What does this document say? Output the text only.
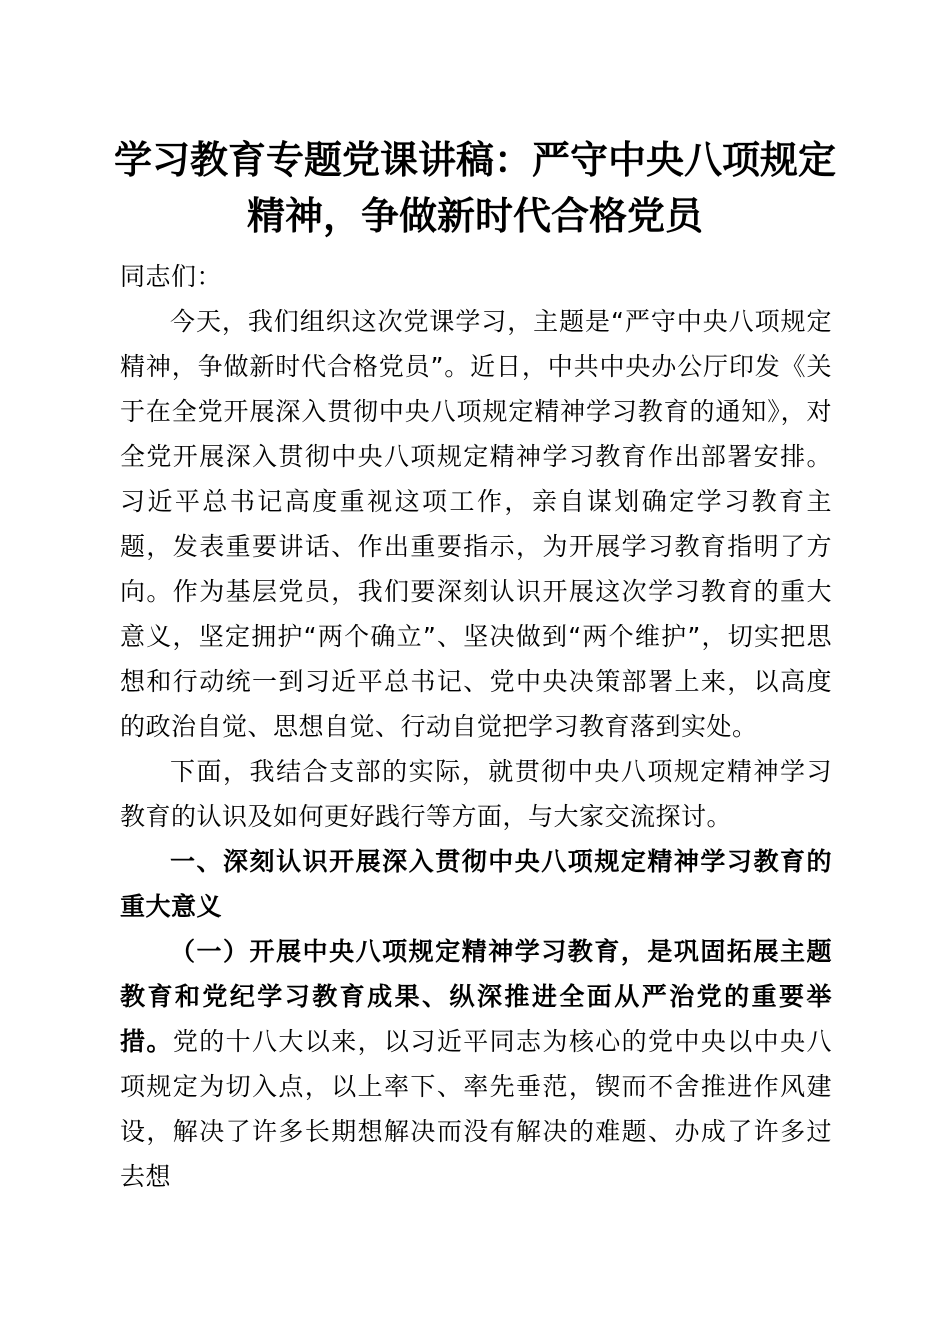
学习教育专题党课讲稿：严守中央八项规定精神，争做新时代合格党员

同志们：

今天，我们组织这次党课学习，主题是“严守中央八项规定精神，争做新时代合格党员”。近日，中共中央办公厅印发《关于在全党开展深入贯彻中央八项规定精神学习教育的通知》，对全党开展深入贯彻中央八项规定精神学习教育作出部署安排。习近平总书记高度重视这项工作，亲自谋划确定学习教育主题，发表重要讲话、作出重要指示，为开展学习教育指明了方向。作为基层党员，我们要深刻认识开展这次学习教育的重大意义，坚定拥护“两个确立”、坚决做到“两个维护”，切实把思想和行动统一到习近平总书记、党中央决策部署上来，以高度的政治自觉、思想自觉、行动自觉把学习教育落到实处。

下面，我结合支部的实际，就贯彻中央八项规定精神学习教育的认识及如何更好践行等方面，与大家交流探讨。

一、深刻认识开展深入贯彻中央八项规定精神学习教育的重大意义

（一）开展中央八项规定精神学习教育，是巩固拓展主题教育和党纪学习教育成果、纵深推进全面从严治党的重要举措。党的十八大以来，以习近平同志为核心的党中央以中央八项规定为切入点，以上率下、率先垂范，锲而不舍推进作风建设，解决了许多长期想解决而没有解决的难题、办成了许多过去想
